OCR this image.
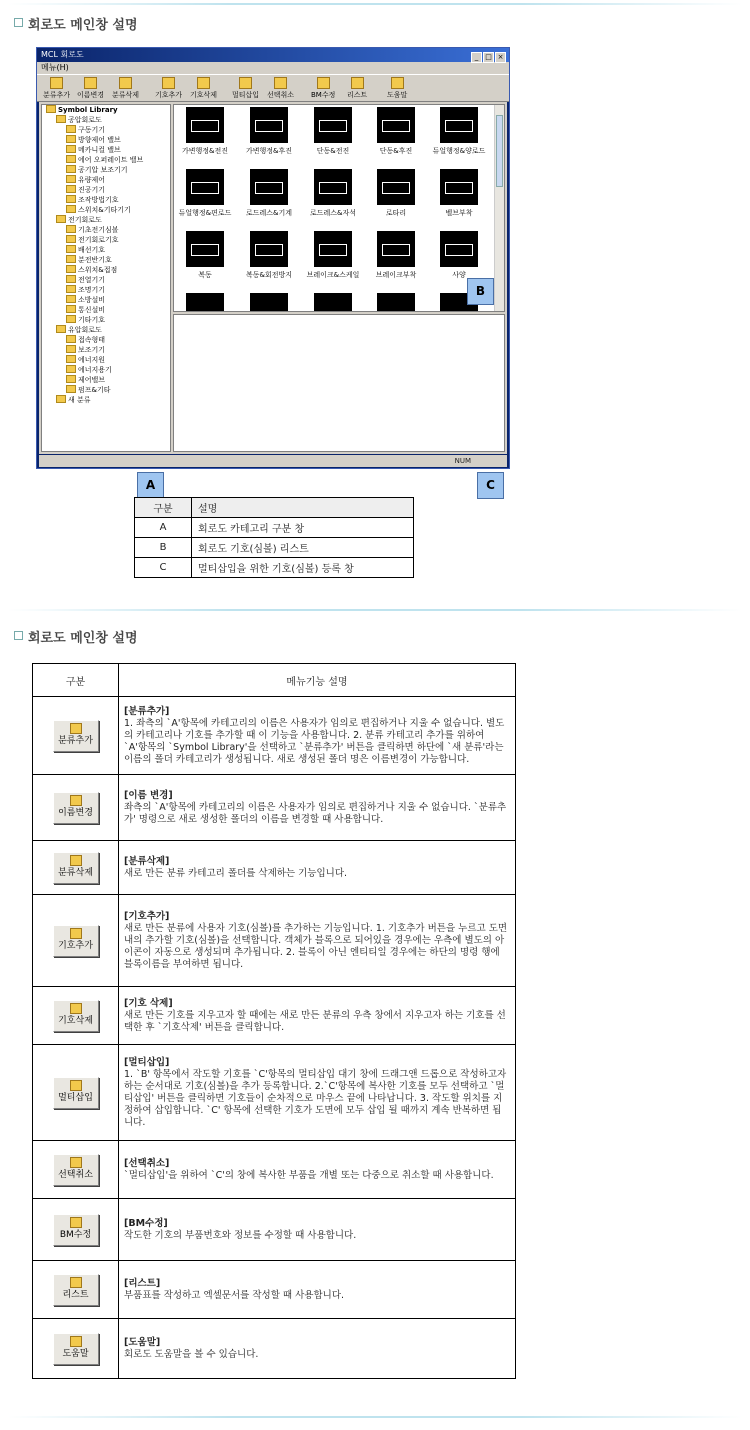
회로도 메인창 설명
MCL 회로도	_ □ ×
메뉴(H)
분류추가 이름변경 분류삭제 기호추가 기호삭제 멀티삽입 선택취소 BM수정 리스트	도움말
Symbol Library
공압회로도
구동기기
방향제어 밸브
메카니컬 밸브
에어 오퍼레이트 밸브
공기압 보조기기
유량제어
진공기기
조작방법기호
스위치&기타기기
전기회로도
기초전기심볼
전기회로기호
배선기호
분전반기호
스위치&접점
전열기기
조명기기
소방설비
통신설비
기타기호
유압회로도
접속형태
보조기기
에너지원
에너지용기
제어밸브
펌프&기타
새 분류
가변행정&전진	가변행정&후진	단동&전진	단동&후진	듀얼행정&양로드
듀얼행정&편로드	로드레스&기계	로드레스&자석	로타리	벨브부착
복동	복동&회전방지	브레이크&스케일	브레이크부착	사양
A
B
C
NUM
구분	설명
A	회로도 카테고리 구분 창
B	회로도 기호(심볼) 리스트
C	멀티삽입을 위한 기호(심볼) 등록 창
회로도 메인창 설명
구분	메뉴기능 설명

분류추가	[분류추가]
1. 좌측의 `A'항목에 카테고리의 이름은 사용자가 임의로 편집하거나 지울 수 없습니다. 별도의 카테고리나 기호를 추가할 때 이 기능을 사용합니다. 2. 분류 카테고리 추가를 위하여 `A'항목의 `Symbol Library'을 선택하고 `분류추가' 버튼을 클릭하면 하단에 `새 분류'라는 이름의 폴더 카테고리가 생성됩니다. 새로 생성된 폴더 명은 이름변경이 가능합니다.

이름변경	[이름 변경]
좌측의 `A'항목에 카테고리의 이름은 사용자가 임의로 편집하거나 지울 수 없습니다. `분류추가' 명령으로 새로 생성한 폴더의 이름을 변경할 때 사용합니다.

분류삭제	[분류삭제]
새로 만든 분류 카테고리 폴더를 삭제하는 기능입니다.

기호추가	[기호추가]
새로 만든 분류에 사용자 기호(심볼)를 추가하는 기능입니다. 1. 기호추가 버튼을 누르고 도면내의 추가할 기호(심볼)을 선택합니다. 객체가 블록으로 되어있을 경우에는 우측에 별도의 아이콘이 자동으로 생성되며 추가됩니다. 2. 블록이 아닌 엔티티일 경우에는 하단의 명령 행에 블록이름을 부여하면 됩니다.

기호삭제	[기호 삭제]
새로 만든 기호를 지우고자 할 때에는 새로 만든 분류의 우측 창에서 지우고자 하는 기호를 선택한 후 `기호삭제' 버튼을 클릭합니다.

멀티삽입	[멀티삽입]
1. `B' 항목에서 작도할 기호를 `C'항목의 멀티삽입 대기 창에 드래그앤 드롭으로 작성하고자 하는 순서대로 기호(심볼)을 추가 등록합니다. 2.`C'항목에 복사한 기호를 모두 선택하고 `멀티삽입' 버튼을 클릭하면 기호들이 순차적으로 마우스 끝에 나타납니다. 3. 작도할 위치를 지정하여 삽입합니다. `C' 항목에 선택한 기호가 도면에 모두 삽입 될 때까지 계속 반복하면 됩니다.

선택취소	[선택취소]
`멀티삽입'을 위하여 `C'의 창에 복사한 부품을 개별 또는 다중으로 취소할 때 사용합니다.

BM수정	[BM수정]
작도한 기호의 부품번호와 정보를 수정할 때 사용합니다.

리스트	[리스트]
부품표를 작성하고 엑셀문서를 작성할 때 사용합니다.

도움말	[도움말]
회로도 도움말을 볼 수 있습니다.
